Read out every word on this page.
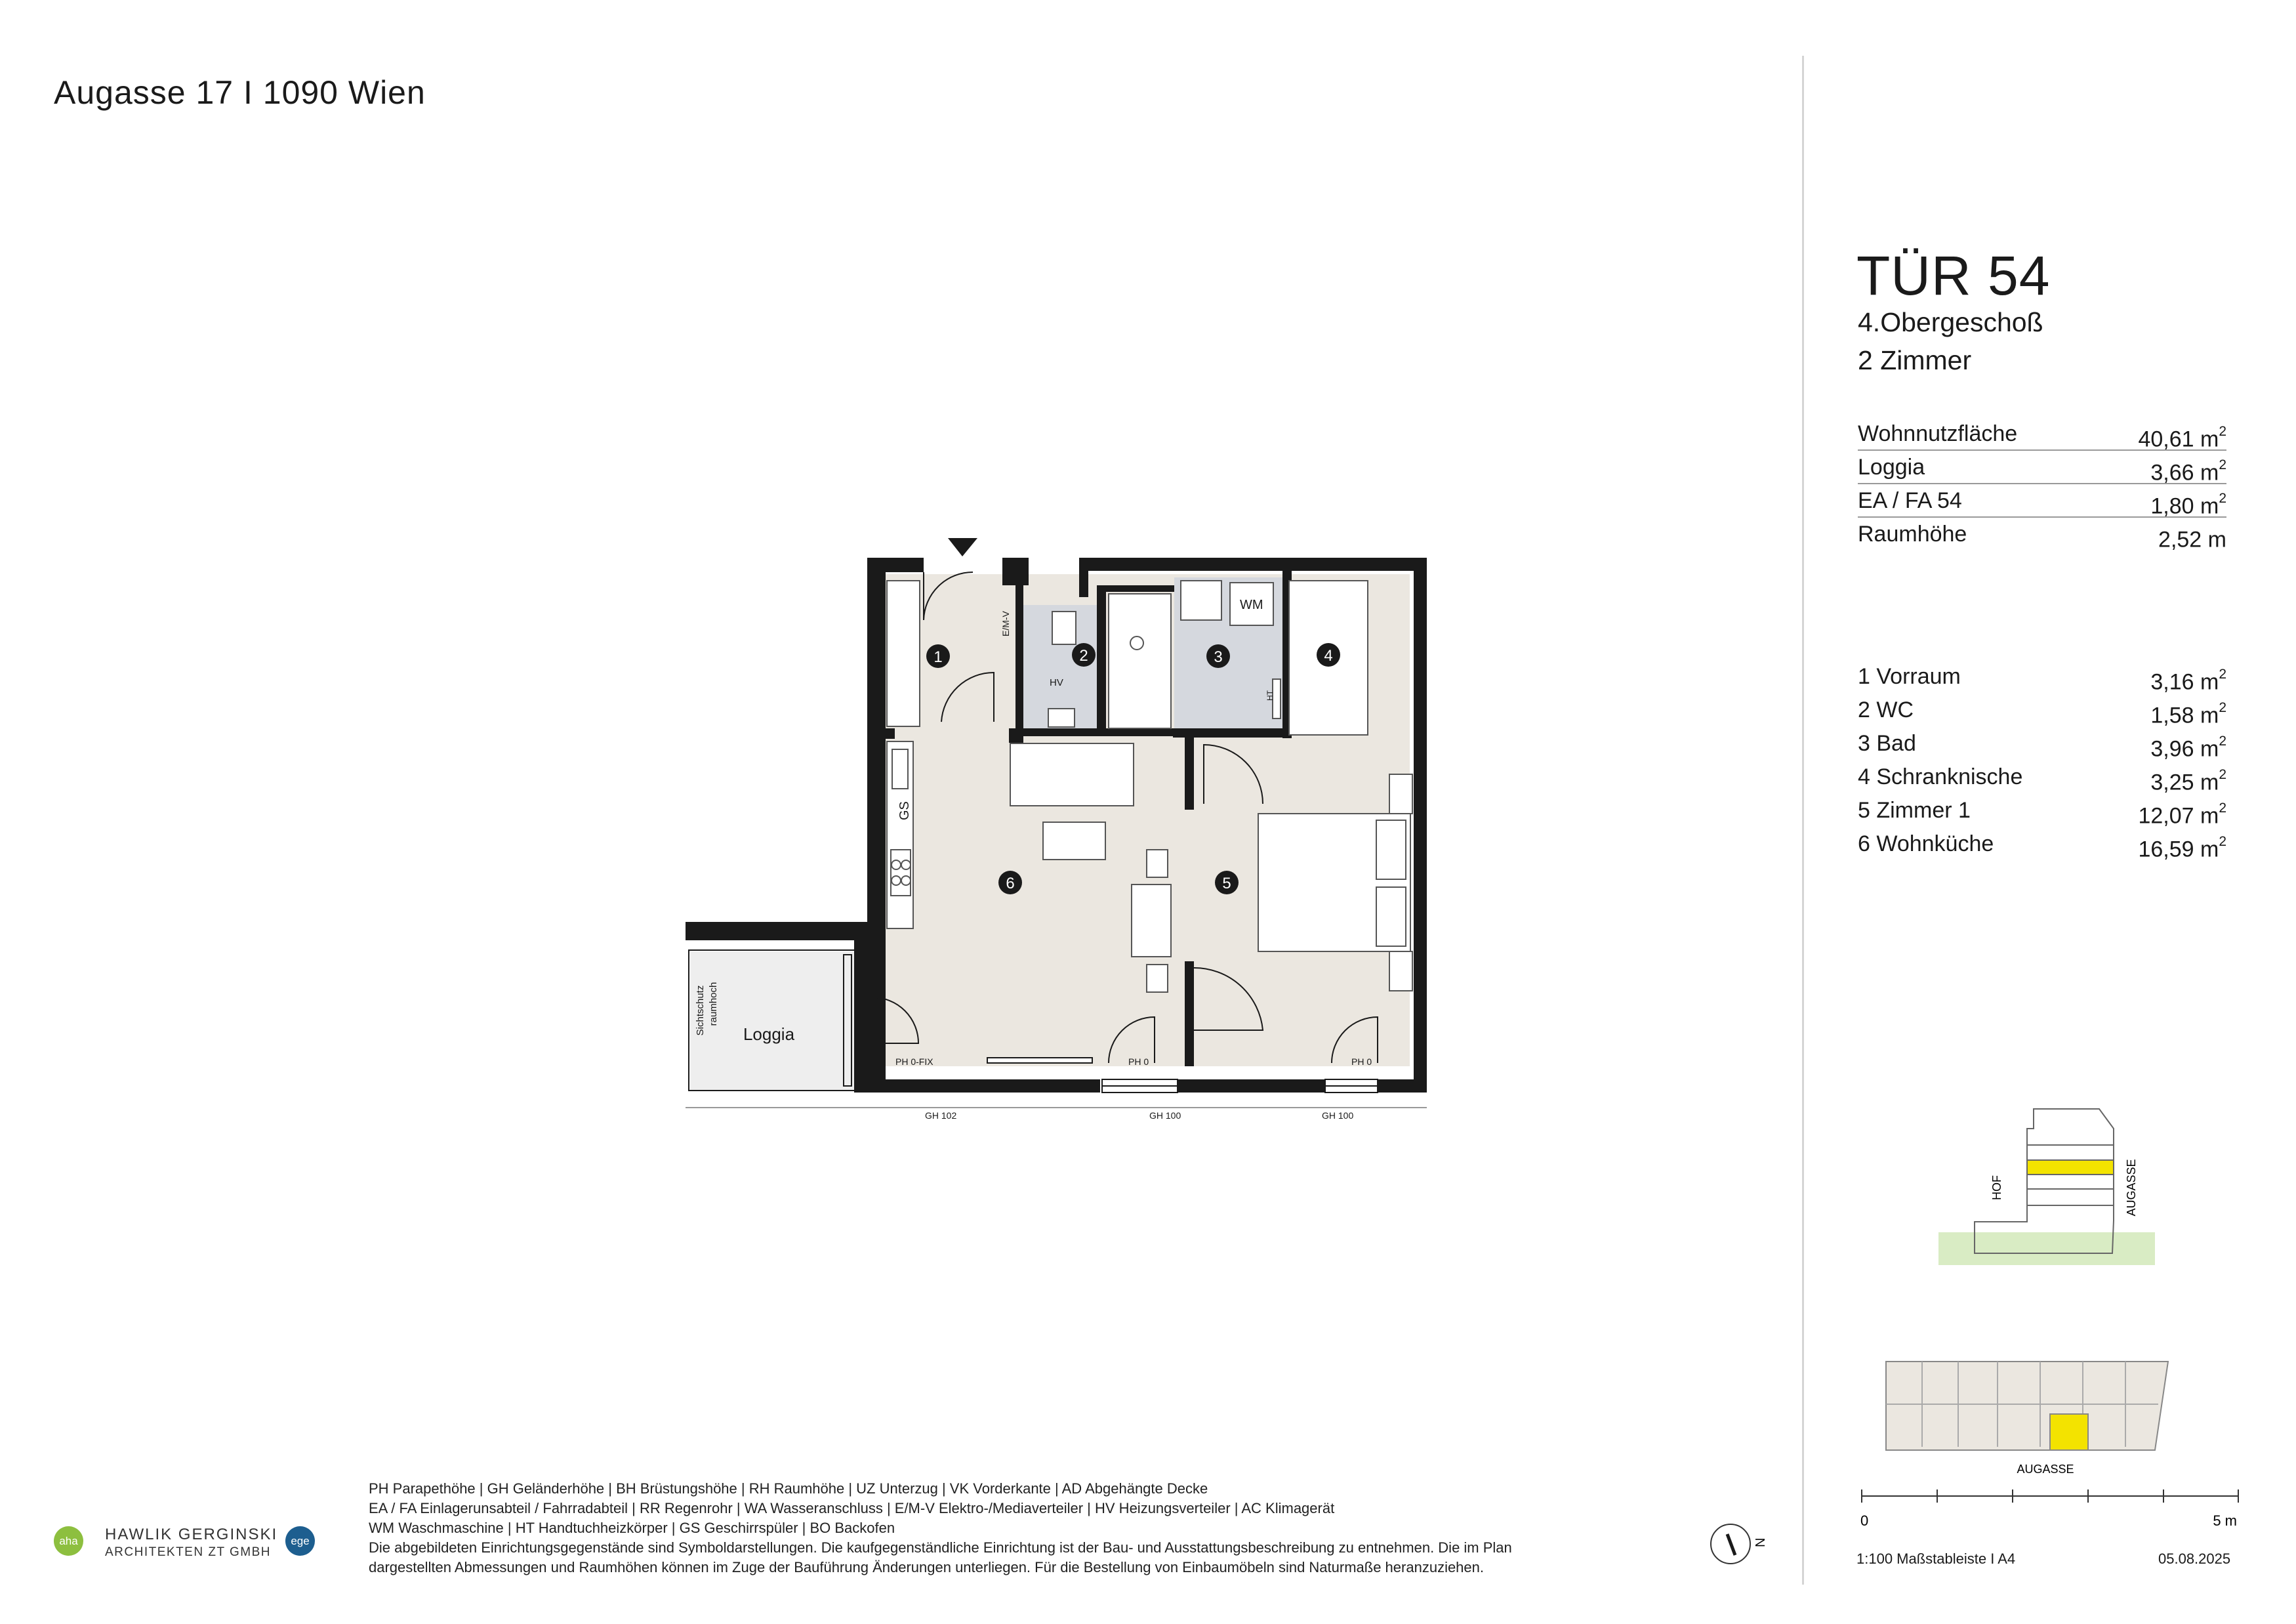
Augasse 17 I 1090 Wien
TÜR 54
4.Obergeschoß
2 Zimmer
Wohnnutzfläche	40,61 $m^2$
Loggia	3,66 $m^2$
EA / FA 54	1,80 $m^2$
Raumhöhe	2,52 m
1 Vorraum	3,16 $m^2$
2 WC	1,58 $m^2$
3 Bad	3,96 $m^2$
4 Schranknische	3,25 $m^2$
5 Zimmer 1	12,07 $m^2$
6 Wohnküche	16,59 $m^2$
1	2	3	4
5
6
Loggia
Sichtschutz raumhoch
WM
GS
HV
HT
E/M-V
PH 0
PH 0-FIX	PH 0	PH 0
GH 102	GH 100	GH 100
HOF	AUGASSE
AUGASSE
0	5 m
1:100 Maßstableiste I A4	05.08.2025
N
PH Parapethöhe | GH Geländerhöhe | BH Brüstungshöhe | RH Raumhöhe | UZ Unterzug | VK Vorderkante | AD Abgehängte Decke
EA / FA Einlagerunsabteil / Fahrradabteil | RR Regenrohr | WA Wasseranschluss | E/M-V Elektro-/Mediaverteiler | HV Heizungsverteiler | AC Klimagerät
WM Waschmaschine | HT Handtuchheizkörper | GS Geschirrspüler | BO Backofen
Die abgebildeten Einrichtungsgegenstände sind Symboldarstellungen. Die kaufgegenständliche Einrichtung ist der Bau- und Ausstattungsbeschreibung zu entnehmen. Die im Plan
dargestellten Abmessungen und Raumhöhen können im Zuge der Bauführung Änderungen unterliegen. Für die Bestellung von Einbaumöbeln sind Naturmaße heranzuziehen.
aha	HAWLIK GERGINSKI
ARCHITEKTEN ZT GMBH
ege
